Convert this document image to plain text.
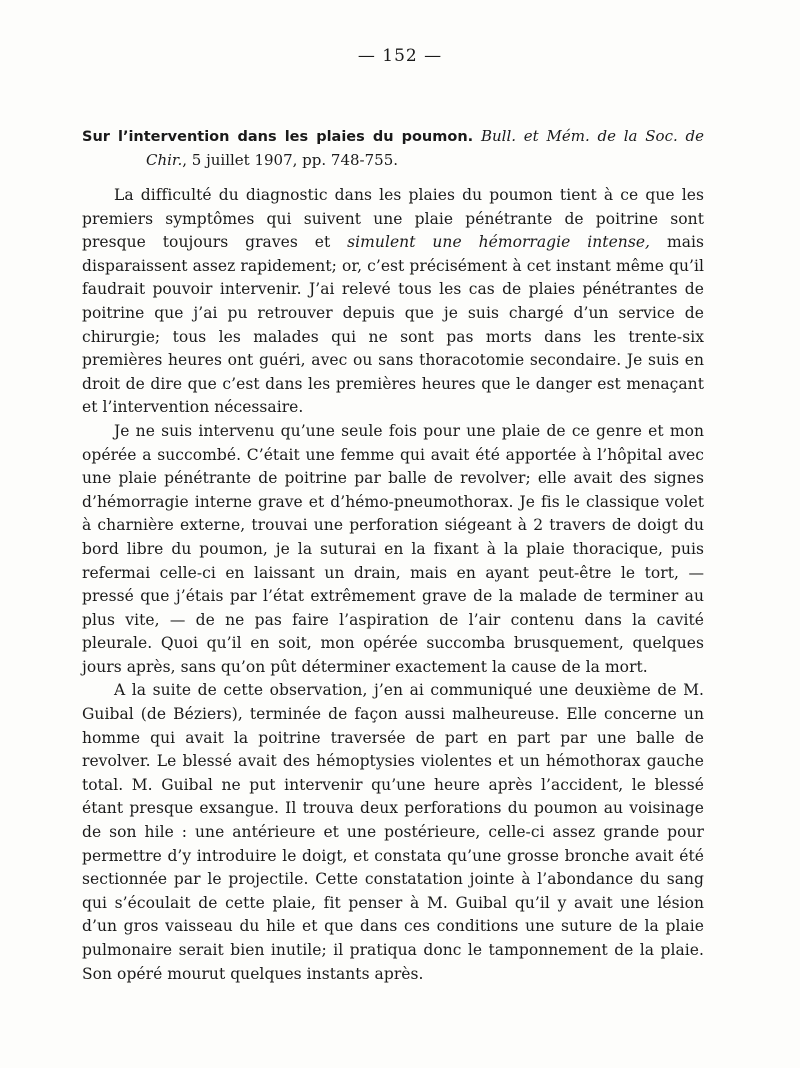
— 152 —

Sur l’intervention dans les plaies du poumon. Bull. et Mém. de la Soc. de Chir., 5 juillet 1907, pp. 748-755.

La difficulté du diagnostic dans les plaies du poumon tient à ce que les premiers symptômes qui suivent une plaie pénétrante de poitrine sont presque toujours graves et simulent une hémorragie intense, mais disparaissent assez rapidement; or, c’est précisément à cet instant même qu’il faudrait pouvoir intervenir. J’ai relevé tous les cas de plaies pénétrantes de poitrine que j’ai pu retrouver depuis que je suis chargé d’un service de chirurgie; tous les malades qui ne sont pas morts dans les trente-six premières heures ont guéri, avec ou sans thoracotomie secondaire. Je suis en droit de dire que c’est dans les premières heures que le danger est menaçant et l’intervention nécessaire.

Je ne suis intervenu qu’une seule fois pour une plaie de ce genre et mon opérée a succombé. C’était une femme qui avait été apportée à l’hôpital avec une plaie pénétrante de poitrine par balle de revolver; elle avait des signes d’hémorragie interne grave et d’hémo-pneumothorax. Je fis le classique volet à charnière externe, trouvai une perforation siégeant à 2 travers de doigt du bord libre du poumon, je la suturai en la fixant à la plaie thoracique, puis refermai celle-ci en laissant un drain, mais en ayant peut-être le tort, — pressé que j’étais par l’état extrêmement grave de la malade de terminer au plus vite, — de ne pas faire l’aspiration de l’air contenu dans la cavité pleurale. Quoi qu’il en soit, mon opérée succomba brusquement, quelques jours après, sans qu’on pût déterminer exactement la cause de la mort.

A la suite de cette observation, j’en ai communiqué une deuxième de M. Guibal (de Béziers), terminée de façon aussi malheureuse. Elle concerne un homme qui avait la poitrine traversée de part en part par une balle de revolver. Le blessé avait des hémoptysies violentes et un hémothorax gauche total. M. Guibal ne put intervenir qu’une heure après l’accident, le blessé étant presque exsangue. Il trouva deux perforations du poumon au voisinage de son hile : une antérieure et une postérieure, celle-ci assez grande pour permettre d’y introduire le doigt, et constata qu’une grosse bronche avait été sectionnée par le projectile. Cette constatation jointe à l’abondance du sang qui s’écoulait de cette plaie, fit penser à M. Guibal qu’il y avait une lésion d’un gros vaisseau du hile et que dans ces conditions une suture de la plaie pulmonaire serait bien inutile; il pratiqua donc le tamponnement de la plaie. Son opéré mourut quelques instants après.
